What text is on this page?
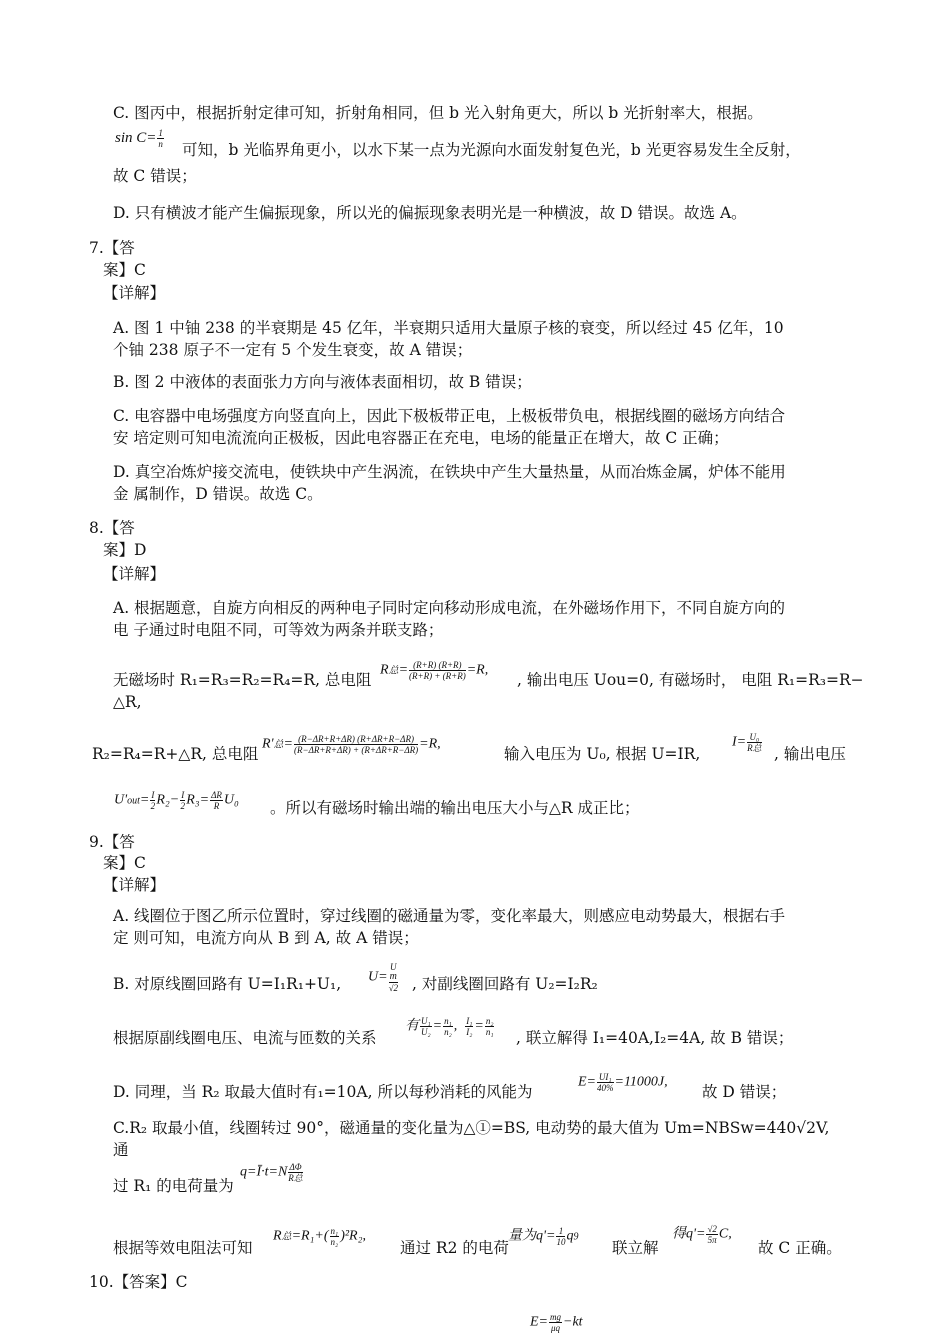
C. 图丙中，根据折射定律可知，折射角相同，但 b 光入射角更大，所以 b 光折射率大，根据。
$\sin C= \frac{1}{n}$
可知，b 光临界角更小，以水下某一点为光源向水面发射复色光，b 光更容易发生全反射，
故 C 错误；
D. 只有横波才能产生偏振现象，所以光的偏振现象表明光是一种横波，故 D 错误。故选 A。
7.【答
案】C
【详解】
A. 图 1 中铀 238 的半衰期是 45 亿年，半衰期只适用大量原子核的衰变，所以经过 45 亿年，10
个铀 238 原子不一定有 5 个发生衰变，故 A 错误；
B. 图 2 中液体的表面张力方向与液体表面相切，故 B 错误；
C. 电容器中电场强度方向竖直向上，因此下极板带正电，上极板带负电，根据线圈的磁场方向结合
安 培定则可知电流流向正极板，因此电容器正在充电，电场的能量正在增大，故 C 正确；
D. 真空冶炼炉接交流电，使铁块中产生涡流，在铁块中产生大量热量，从而冶炼金属，炉体不能用
金 属制作，D 错误。故选 C。
8.【答
案】D
【详解】
A. 根据题意，自旋方向相反的两种电子同时定向移动形成电流，在外磁场作用下，不同自旋方向的
电 子通过时电阻不同，可等效为两条并联支路；
无磁场时 R₁=R₃=R₂=R₄=R, 总电阻
R总= $\frac{(R+R) (R+R)}{(R+R) + (R+R)} =R$,
, 输出电压 Uou=0, 有磁场时， 电阻 R₁=R₃=R−
△R,
R₂=R₄=R+△R, 总电阻
R'总= $\frac{(R-\Delta R+R+\Delta R) (R+\Delta R+R-\Delta R)}{(R-\Delta R+R+\Delta R) + (R+\Delta R+R-\Delta R)} =R$,
输入电压为 U₀, 根据 U=IR,
$I= \frac{\text{U₀}}{\text{R总}}$
, 输出电压
$U'out= \frac{I}{2} R_2- \frac{I}{2} R_3= \frac{\Delta R}{R} U_0$ 。所以有磁场时输出端的输出电压大小与△R 成正比；
9.【答
案】C
【详解】
A. 线圈位于图乙所示位置时，穿过线圈的磁通量为零，变化率最大，则感应电动势最大，根据右手
定 则可知，电流方向从 B 到 A, 故 A 错误；
B. 对原线圈回路有 U=I₁R₁+U₁, U= U
m
√2 , 对副线圈回路有 U₂=I₂R₂
根据原副线圈电压、电流与匝数的关系
有 $\frac{\text{U₁}}{\text{U₂}} = \frac{\text{n₁}}{\text{n₂}}$ , $\frac{\text{I₁}}{\text{I₂}} = \frac{\text{n₂}}{\text{n₁}}$
, 联立解得 I₁=40A,I₂=4A, 故 B 错误；
D. 同理，当 R₂ 取最大值时有₁=10A, 所以每秒消耗的风能为
$E= \frac{\text{UI₁}}{40\%} =11000J$,
故 D 错误；
C.R₂ 取最小值，线圈转过 90°，磁通量的变化量为△①=BS, 电动势的最大值为 Um=NBSw=440√2V,
通
q=Ī·t=N $\frac{\Delta\Phi}{\text{R总}}$
过 R₁ 的电荷量为
根据等效电阻法可知
R总$=R_1+( \frac{\text{n₁}}{\text{n₂}} )^2R_2$,
通过 R2 的电荷
量为$q'= \frac{1}{10} q9$
联立解
得$q'= \frac{√2}{5\pi} C$,
故 C 正确。
10.【答案】C
$E= \frac{mg}{\mu q} -kt$
